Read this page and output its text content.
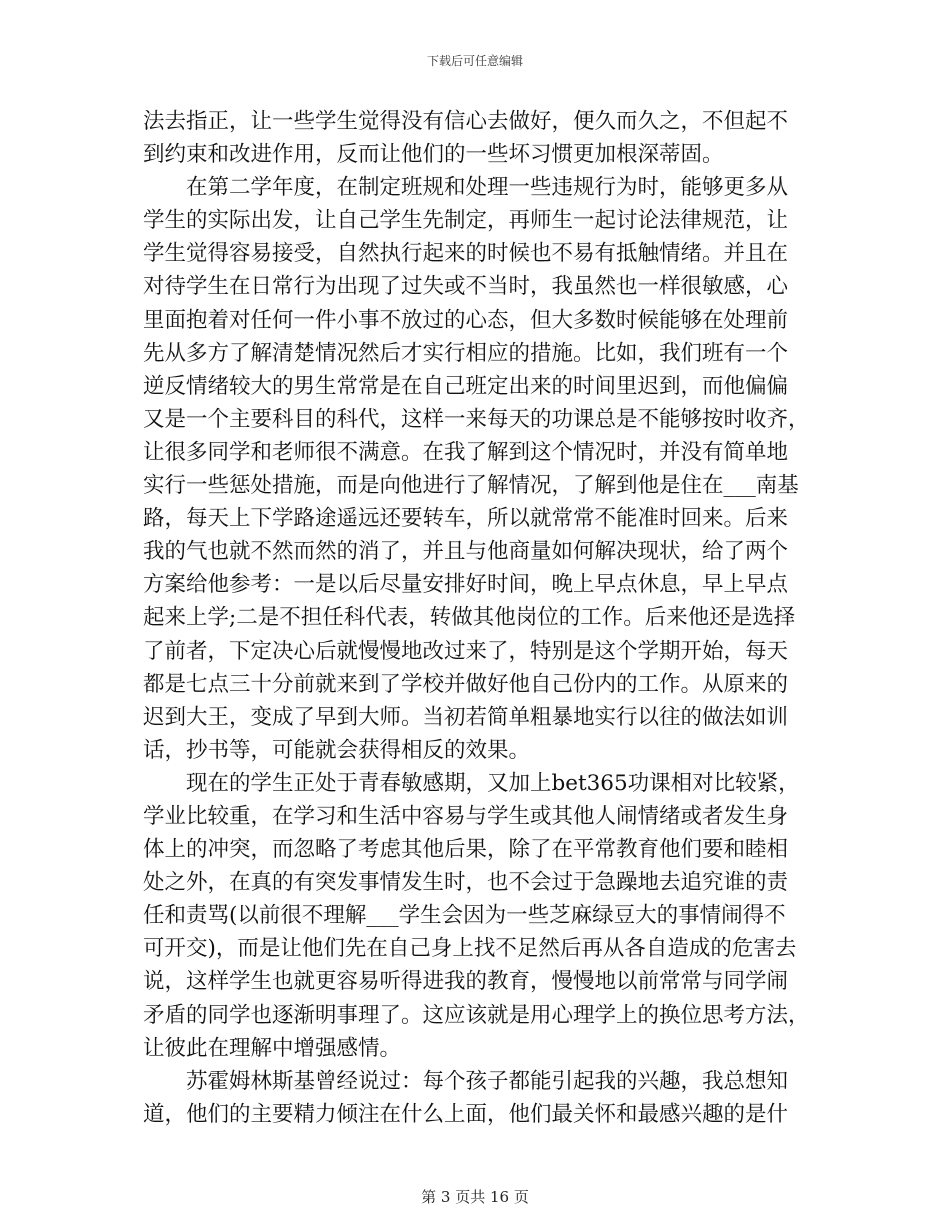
下载后可任意编辑
法去指正，让一些学生觉得没有信心去做好，便久而久之，不但起不
到约束和改进作用，反而让他们的一些坏习惯更加根深蒂固。
在第二学年度，在制定班规和处理一些违规行为时，能够更多从
学生的实际出发，让自己学生先制定，再师生一起讨论法律规范，让
学生觉得容易接受，自然执行起来的时候也不易有抵触情绪。并且在
对待学生在日常行为出现了过失或不当时，我虽然也一样很敏感，心
里面抱着对任何一件小事不放过的心态，但大多数时候能够在处理前
先从多方了解清楚情况然后才实行相应的措施。比如，我们班有一个
逆反情绪较大的男生常常是在自己班定出来的时间里迟到，而他偏偏
又是一个主要科目的科代，这样一来每天的功课总是不能够按时收齐，
让很多同学和老师很不满意。在我了解到这个情况时，并没有简单地
实行一些惩处措施，而是向他进行了解情况，了解到他是住在___南基
路，每天上下学路途遥远还要转车，所以就常常不能准时回来。后来
我的气也就不然而然的消了，并且与他商量如何解决现状，给了两个
方案给他参考：一是以后尽量安排好时间，晚上早点休息，早上早点
起来上学;二是不担任科代表，转做其他岗位的工作。后来他还是选择
了前者，下定决心后就慢慢地改过来了，特别是这个学期开始，每天
都是七点三十分前就来到了学校并做好他自己份内的工作。从原来的
迟到大王，变成了早到大师。当初若简单粗暴地实行以往的做法如训
话，抄书等，可能就会获得相反的效果。
现在的学生正处于青春敏感期，又加上bet365功课相对比较紧，
学业比较重，在学习和生活中容易与学生或其他人闹情绪或者发生身
体上的冲突，而忽略了考虑其他后果，除了在平常教育他们要和睦相
处之外，在真的有突发事情发生时，也不会过于急躁地去追究谁的责
任和责骂(以前很不理解___学生会因为一些芝麻绿豆大的事情闹得不
可开交)，而是让他们先在自己身上找不足然后再从各自造成的危害去
说，这样学生也就更容易听得进我的教育，慢慢地以前常常与同学闹
矛盾的同学也逐渐明事理了。这应该就是用心理学上的换位思考方法，
让彼此在理解中增强感情。
苏霍姆林斯基曾经说过：每个孩子都能引起我的兴趣，我总想知
道，他们的主要精力倾注在什么上面，他们最关怀和最感兴趣的是什
第 3 页共 16 页
